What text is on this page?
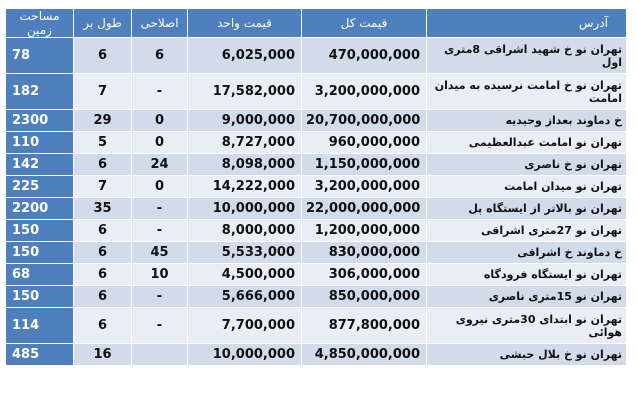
مساحت زمین	طول بر	اصلاحی	قیمت واحد	قیمت کل	آدرس
78	6	6	6,025,000	470,000,000	تهران نو خ شهید اشراقی 8متری اول
182	7	-	17,582,000	3,200,000,000	تهران نو خ امامت نرسیده به میدان امامت
2300	29	0	9,000,000	20,700,000,000	خ دماوند بعداز وحیدیه
110	5	0	8,727,000	960,000,000	تهران نو امامت عبدالعظیمی
142	6	24	8,098,000	1,150,000,000	تهران نو خ ناصری
225	7	0	14,222,000	3,200,000,000	تهران نو میدان امامت
2200	35	-	10,000,000	22,000,000,000	تهران نو بالاتر از ایستگاه پل
150	6	-	8,000,000	1,200,000,000	تهران نو 27متری اشراقی
150	6	45	5,533,000	830,000,000	خ دماوند خ اشراقی
68	6	10	4,500,000	306,000,000	تهران نو ایستگاه فرودگاه
150	6	-	5,666,000	850,000,000	تهران نو 15متری ناصری
114	6	-	7,700,000	877,800,000	تهران نو ابتدای 30متری نیروی هوائی
485	16		10,000,000	4,850,000,000	تهران نو خ بلال حبشی
